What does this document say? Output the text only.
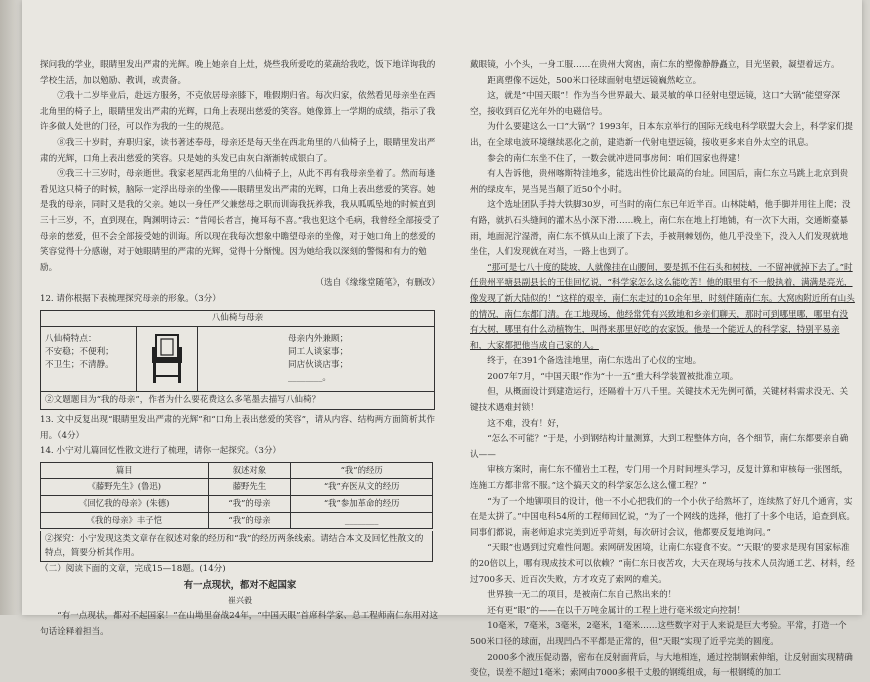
探问我的学业，眼睛里发出严肃的光辉。晚上她亲自上灶，烧些我所爱吃的菜蔬给我吃，饭下地详询我的学校生活，加以勉励、教训，或责备。

⑦我十二岁毕业后，赴远方服务，不克依居母亲膝下，唯假期归省。每次归家，依然看见母亲坐在西北角里的椅子上，眼睛里发出严肃的光辉，口角上表现出慈爱的笑容。她像算上一学期的成绩，指示了我许多做人处世的门径，可以作为我的一生的规范。

⑧我三十岁时，弃职归家，读书著述奉母，母亲还是每天坐在西北角里的八仙椅子上，眼睛里发出严肃的光辉，口角上表出慈爱的笑容。只是她的头发已由灰白渐渐转成银白了。

⑨我三十三岁时，母亲逝世。我家老屋西北角里的八仙椅子上，从此不再有我母亲坐着了。然而每逢看见这只椅子的时候，脑际一定浮出母亲的坐像——眼睛里发出严肃的光辉，口角上表出慈爱的笑容。她是我的母亲，同时又是我的父亲。她以一身任严父兼慈母之职而训诲我抚养我，我从呱呱坠地的时候直到三十三岁，不，直到现在，陶渊明诗云：“昔闻长者言，掩耳每不喜。”我也犯这个毛病，我曾经全部接受了母亲的慈爱，但不会全部接受她的训诲。所以现在我每次想象中瞻望母亲的坐像，对于她口角上的慈爱的笑容觉得十分感谢，对于她眼睛里的严肃的光辉，觉得十分惭愧。因为她给我以深刻的警惕和有力的勉励。

（选自《缘缘堂随笔》，有删改）

12. 请你根据下表梳理探究母亲的形象。（3分）

八仙椅与母亲
八仙椅特点：
不安稳；不便利；
不卫生；不清静。
母亲内外兼顾；
同工人谈家事；
同店伙谈店事；
________。
②文题题目为“我的母亲”，作者为什么要花费这么多笔墨去描写八仙椅？

13. 文中反复出现“眼睛里发出严肃的光辉”和“口角上表出慈爱的笑容”，请从内容、结构两方面简析其作用。（4分）

14. 小宁对儿篇回忆性散文进行了梳理，请你一起探究。（3分）

篇目	叙述对象	“我”的经历
《藤野先生》(鲁迅)	藤野先生	“我”弃医从文的经历
《回忆我的母亲》(朱德)	“我”的母亲	“我”参加革命的经历
《我的母亲》丰子恺	“我”的母亲	________
②探究：小宁发现这类文章存在叙述对象的经历和“我”的经历两条线索。请结合本文及回忆性散文的特点，简要分析其作用。

（二）阅读下面的文章，完成15—18题。(14分)

有一点现状，都对不起国家
崔兴毅

“有一点现状，都对不起国家！”在山坳里奋战24年，“中国天眼”首席科学家、总工程师南仁东用对这句话诠释着担当。

戴眼镜，小个头，一身工服……在贵州大窝凼，南仁东的塑像静静矗立，目光坚毅，凝望着远方。

距离塑像不远处，500米口径球面射电望远镜巍然屹立。

这，就是“中国天眼”！作为当今世界最大、最灵敏的单口径射电望远镜，这口“大锅”能望穿深空，接收到百亿光年外的电磁信号。

为什么要建这么一口“大锅”？1993年，日本东京举行的国际无线电科学联盟大会上，科学家们提出，在全球电波环境继续恶化之前，建造新一代射电望远镜，接收更多来自外太空的讯息。

参会的南仁东坐不住了，一数会就冲进同事房间：咱们国家也得建！

有人告诉他，贵州喀斯特洼地多，能选出性价比最高的台址。回国后，南仁东立马跳上北京到贵州的绿皮车，晃当晃当颠了近50个小时。

这个选址团队手持大铁脚30岁，可当时的南仁东已年近半百。山林陡峭，他手脚并用往上爬；没有路，就扒石头缝间的灌木丛小深下滑……晚上，南仁东在地上打地铺，有一次下大雨，交通断臺暴雨，地面泥泞湿滑，南仁东不慎从山上滚了下去，手被荆棘划伤，他几乎没坐下，没入人们发现就地坐住，人们发现就在对当，一路上也到了。

“那可是七八十度的陡坡，人就像挂在山腰间，要是抓不住石头和树枝，一不留神就掉下去了。”时任贵州平塘县副县长的王佳回忆说，“科学家怎么这么能吃苦！他的眼里有不一般执着，满满是亮光，像发现了新大陆似的！”这样的艰辛，南仁东走过的10余年里，时刻伴随南仁东。大窝凼附近所有山头的情况，南仁东都门清。在工地现场，他经常凭有兴致地和乡亲们聊天，那时可到哪里哪，哪里有没有大树，哪里有什么动植物生，叫得来那里好吃的农家饭。他是一个能近人的科学家，特别平易亲和，大家都把他当成自己家的人。

终于，在391个备选洼地里，南仁东选出了心仪的宝地。

2007年7月，“中国天眼”作为“十一五”重大科学装置被批准立项。

但，从概面设计到建造运行，还隔着十万八千里。关键技术无先例可循，关键材料需求没无、关键技术遇难封锁！

这不难，没有！好，

“怎么不可能？”于是，小到钢结构计量测算，大到工程整体方向，各个细节，南仁东都要亲自确认——

审核方案时，南仁东不懂岩土工程，专门用一个月时间埋头学习，反复计算和审核每一张图纸，连施工方都非常不服。”这个搞天文的科学家怎么这么懂工程？”

“为了一个地铆项目的设计，他一不小心把我们的一个小伙子给熬坏了，连续熬了好几个通宵，实在是太拼了。”中国电科54所的工程师回忆说，“为了一个网线的选择，他打了十多个电话，追查到底。同事们都说，南老师追求完美到近乎苛刻，每次研讨会议，他都要反复地询问。”

“天眼”也遇到过究难性问题。索网研发困境，让南仁东寝食不安。“‘天眼’的要求是现有国家标准的20倍以上，哪有现成技术可以依赖？”南仁东日夜苦攻，大天在现场与技术人员沟通工艺、材料，经过700多天、近百次失败，方才攻克了索网的难关。

世界独一无二的项目，是被南仁东自己熬出来的！

还有更“眼”的——在以千万吨金属计的工程上进行毫米级定向控制！

10毫米，7毫米，3毫米，2毫米，1毫米……这些数字对于人来说是巨大考验。平常，打造一个500米口径的球面，出现凹凸不平都是正常的，但“天眼”实现了近乎完美的圆度。

2000多个液压促动器，密布在反射面背后，与大地相连，通过控制钢索伸缩，让反射面实现精确变位，误差不超过1毫米；索网由7000多根千丈般的钢缆组成，每一根钢缆的加工
